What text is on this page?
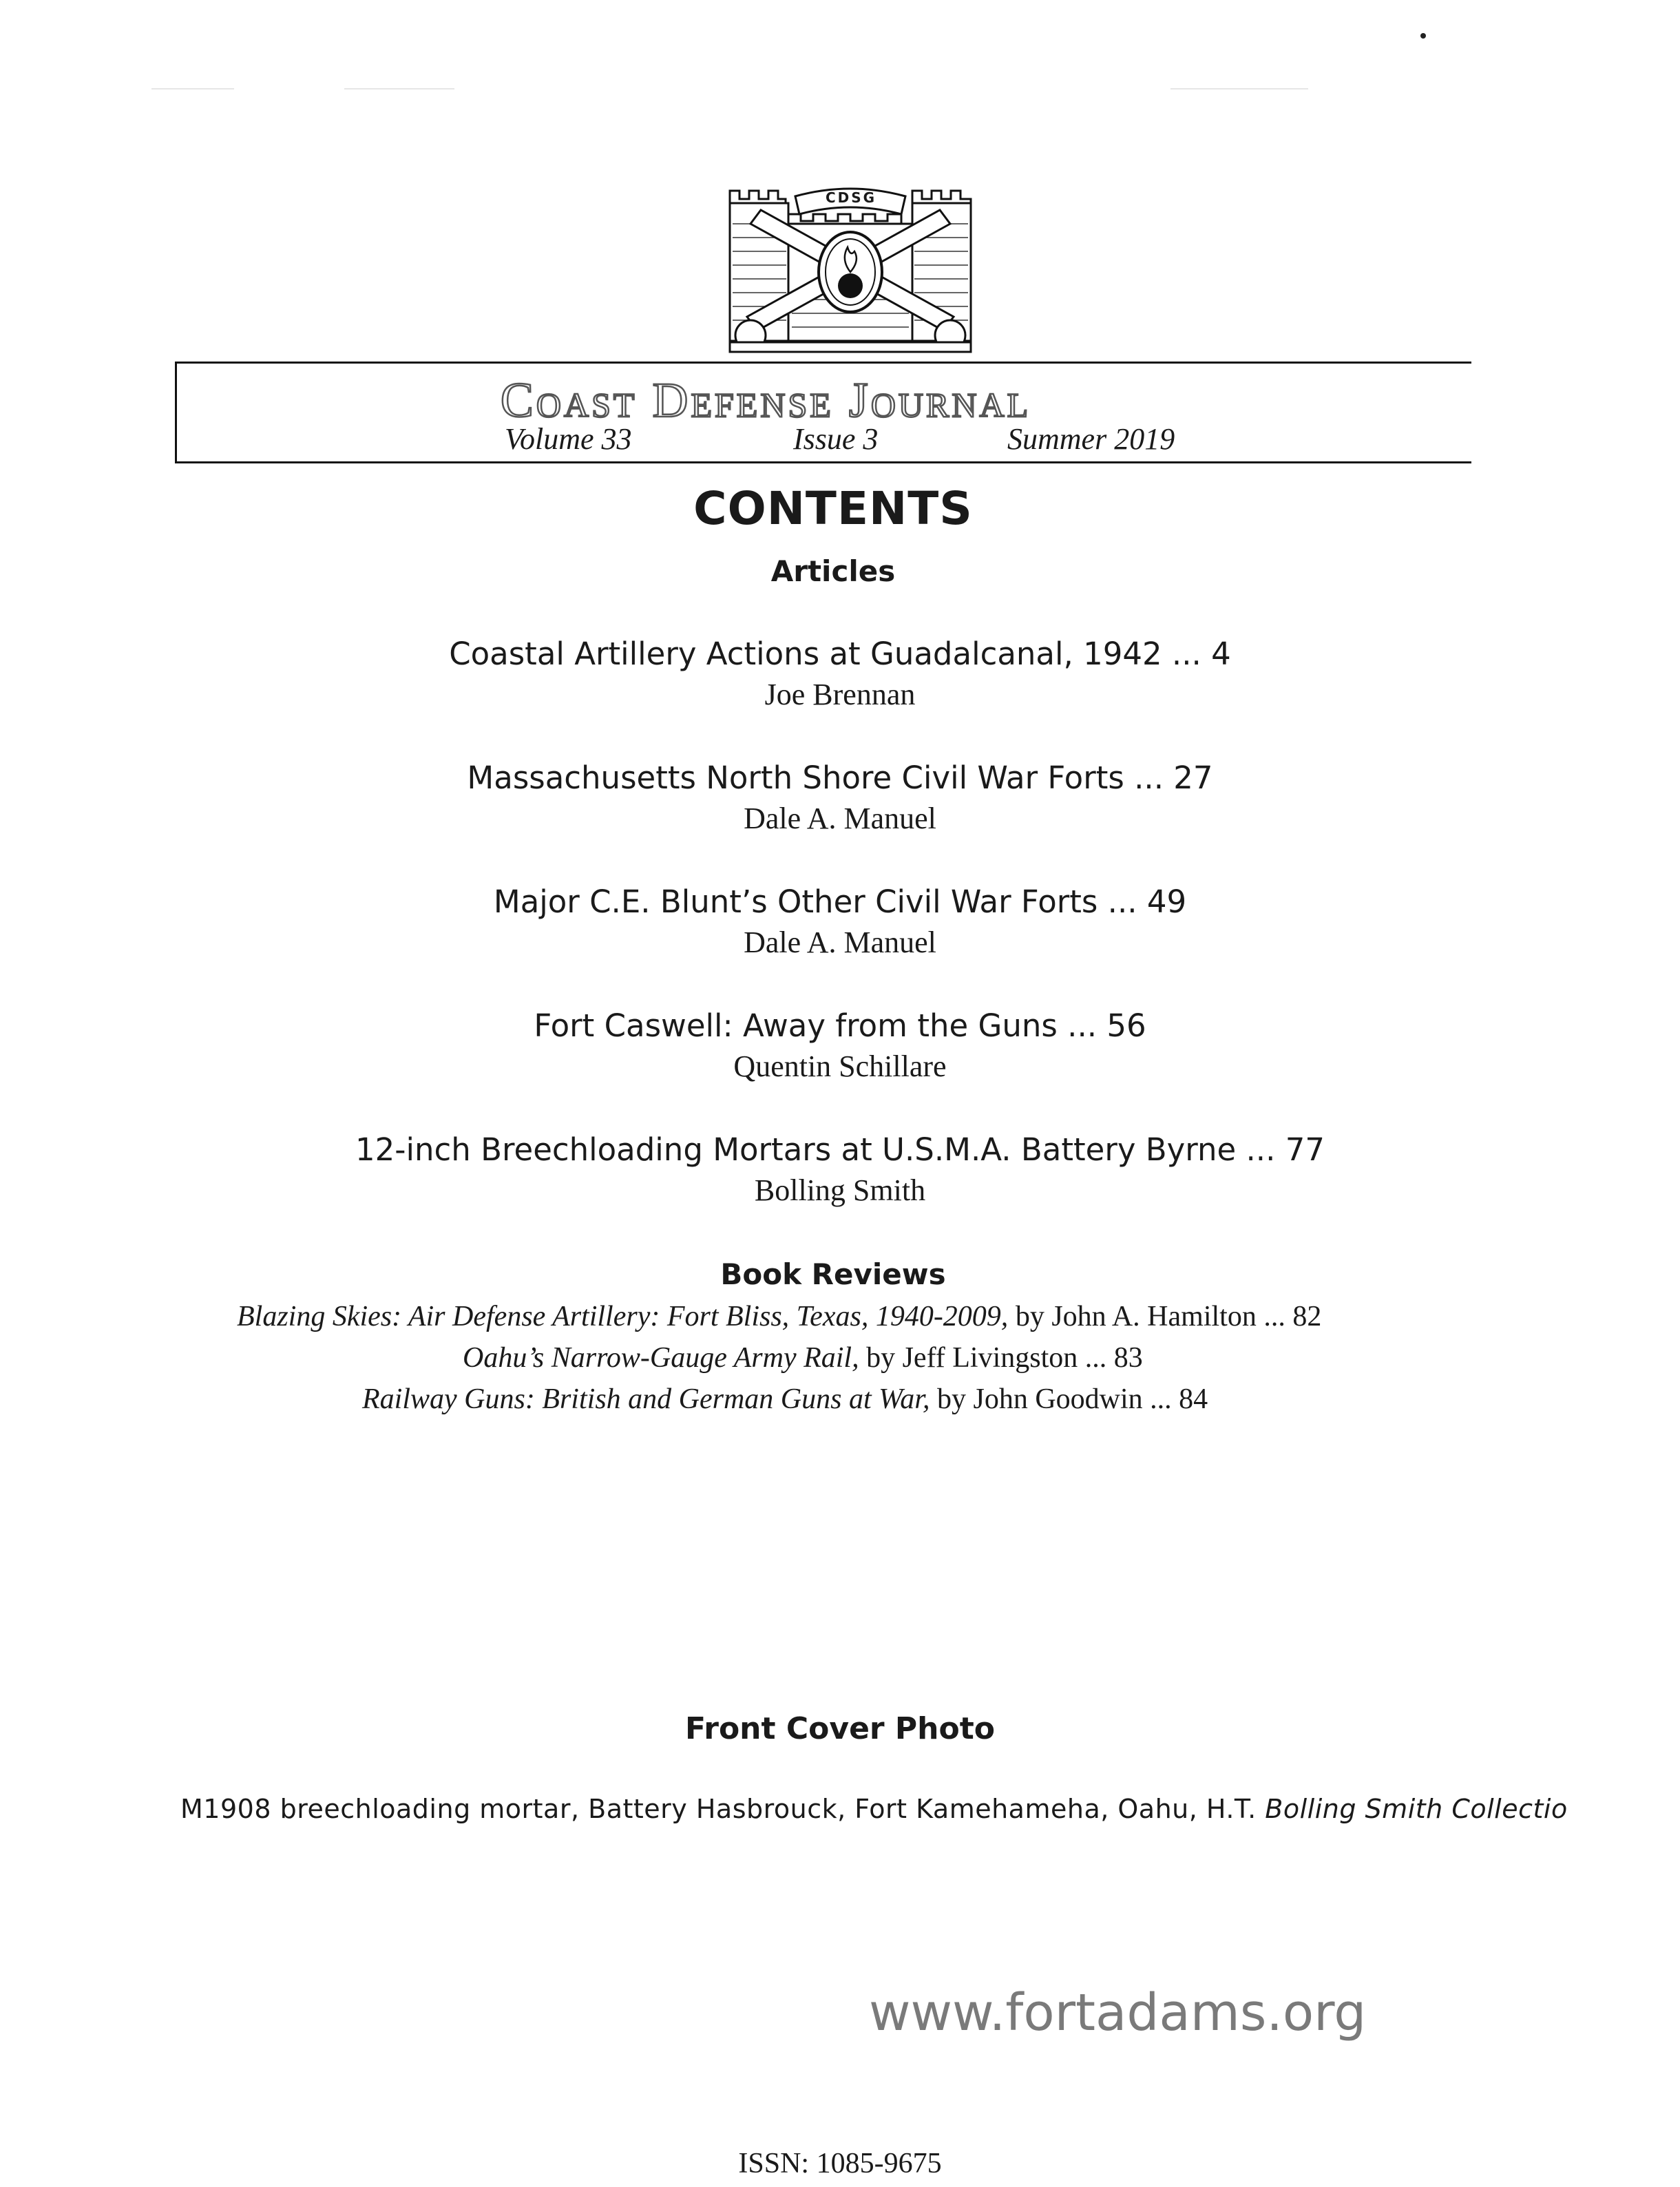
CDSG
Coast Defense Journal
Volume 33	Issue 3	Summer 2019
CONTENTS
Articles
Coastal Artillery Actions at Guadalcanal, 1942 ... 4
Joe Brennan
Massachusetts North Shore Civil War Forts ... 27
Dale A. Manuel
Major C.E. Blunt’s Other Civil War Forts ... 49
Dale A. Manuel
Fort Caswell: Away from the Guns ... 56
Quentin Schillare
12-inch Breechloading Mortars at U.S.M.A. Battery Byrne ... 77
Bolling Smith
Book Reviews
Blazing Skies: Air Defense Artillery: Fort Bliss, Texas, 1940-2009, by John A. Hamilton ... 82
Oahu’s Narrow-Gauge Army Rail, by Jeff Livingston ... 83
Railway Guns: British and German Guns at War, by John Goodwin ... 84
Front Cover Photo
M1908 breechloading mortar, Battery Hasbrouck, Fort Kamehameha, Oahu, H.T. Bolling Smith Collectio
www.fortadams.org
ISSN: 1085-9675
